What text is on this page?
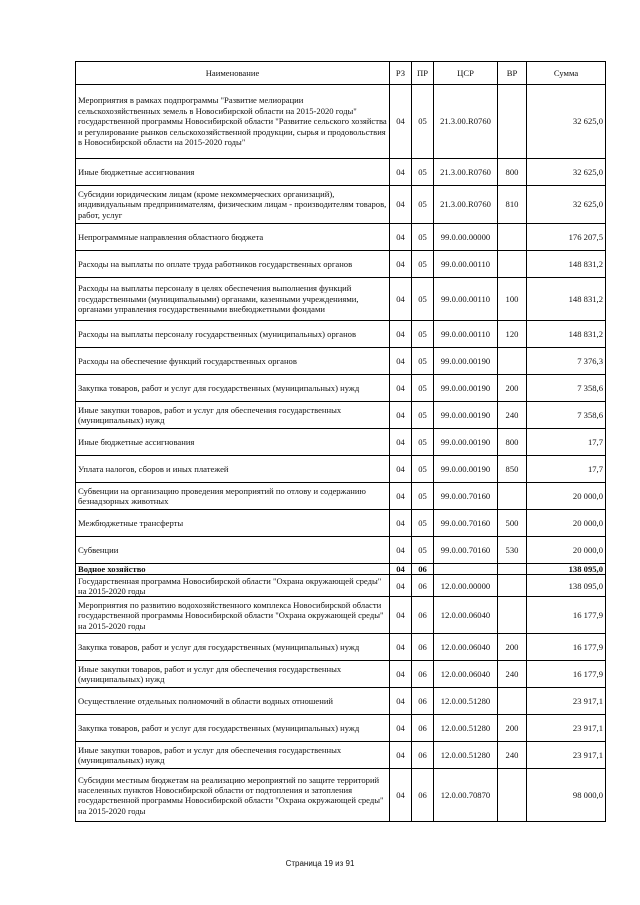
Наименование	РЗ	ПР	ЦСР	ВР	Сумма
Мероприятия в рамках подпрограммы "Развитие мелиорации сельскохозяйственных земель в Новосибирской области на 2015-2020 годы" государственной программы Новосибирской области "Развитие сельского хозяйства и регулирование рынков сельскохозяйственной продукции, сырья и продовольствия в Новосибирской области на 2015-2020 годы"	04	05	21.3.00.R0760		32 625,0
Иные бюджетные ассигнования	04	05	21.3.00.R0760	800	32 625,0
Субсидии юридическим лицам (кроме некоммерческих организаций), индивидуальным предпринимателям, физическим лицам - производителям товаров, работ, услуг	04	05	21.3.00.R0760	810	32 625,0
Непрограммные направления областного бюджета	04	05	99.0.00.00000		176 207,5
Расходы на выплаты по оплате труда работников государственных органов	04	05	99.0.00.00110		148 831,2
Расходы на выплаты персоналу в целях обеспечения выполнения функций государственными (муниципальными) органами, казенными учреждениями, органами управления государственными внебюджетными фондами	04	05	99.0.00.00110	100	148 831,2
Расходы на выплаты персоналу государственных (муниципальных) органов	04	05	99.0.00.00110	120	148 831,2
Расходы на обеспечение функций государственных органов	04	05	99.0.00.00190		7 376,3
Закупка товаров, работ и услуг для государственных (муниципальных) нужд	04	05	99.0.00.00190	200	7 358,6
Иные закупки товаров, работ и услуг для обеспечения государственных (муниципальных) нужд	04	05	99.0.00.00190	240	7 358,6
Иные бюджетные ассигнования	04	05	99.0.00.00190	800	17,7
Уплата налогов, сборов и иных платежей	04	05	99.0.00.00190	850	17,7
Субвенции на организацию проведения мероприятий по отлову и содержанию безнадзорных животных	04	05	99.0.00.70160		20 000,0
Межбюджетные трансферты	04	05	99.0.00.70160	500	20 000,0
Субвенции	04	05	99.0.00.70160	530	20 000,0
Водное хозяйство	04	06			138 095,0
Государственная программа Новосибирской области "Охрана окружающей среды" на 2015-2020 годы	04	06	12.0.00.00000		138 095,0
Мероприятия по развитию водохозяйственного комплекса Новосибирской области государственной программы Новосибирской области "Охрана окружающей среды" на 2015-2020 годы	04	06	12.0.00.06040		16 177,9
Закупка товаров, работ и услуг для государственных (муниципальных) нужд	04	06	12.0.00.06040	200	16 177,9
Иные закупки товаров, работ и услуг для обеспечения государственных (муниципальных) нужд	04	06	12.0.00.06040	240	16 177,9
Осуществление отдельных полномочий в области водных отношений	04	06	12.0.00.51280		23 917,1
Закупка товаров, работ и услуг для государственных (муниципальных) нужд	04	06	12.0.00.51280	200	23 917,1
Иные закупки товаров, работ и услуг для обеспечения государственных (муниципальных) нужд	04	06	12.0.00.51280	240	23 917,1
Субсидии местным бюджетам на реализацию мероприятий по защите территорий населенных пунктов Новосибирской области от подтопления и затопления государственной программы Новосибирской области "Охрана окружающей среды" на 2015-2020 годы	04	06	12.0.00.70870		98 000,0
Страница 19 из 91
